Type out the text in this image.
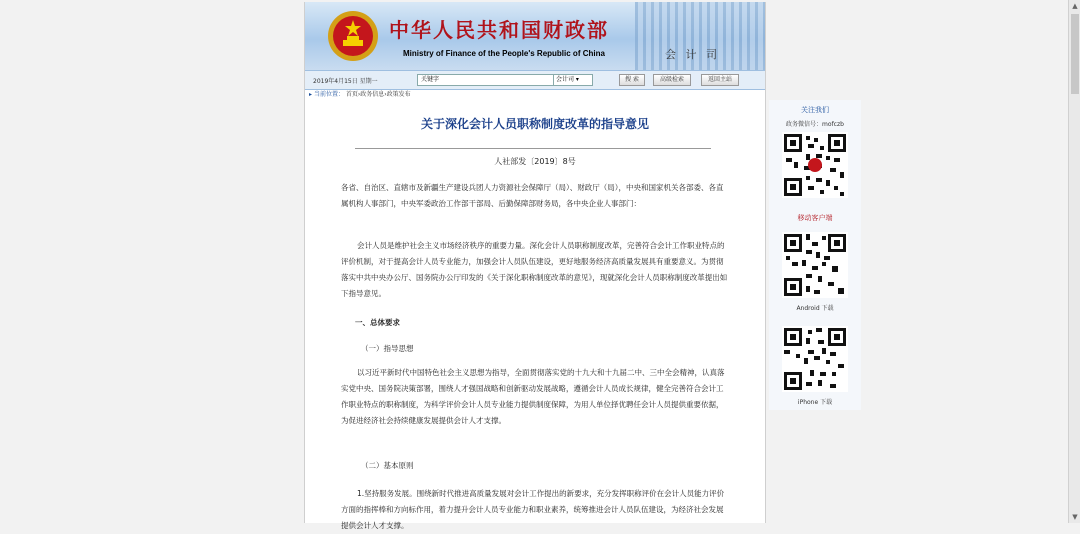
中华人民共和国财政部
Ministry of Finance of the People's Republic of China	会 计 司
2019年4月15日 星期一	关键字	会计司 ▾	搜 索	高级检索	返回主站
▸ 当前位置： 首页›政务信息›政策发布
关于深化会计人员职称制度改革的指导意见
人社部发〔2019〕8号

各省、自治区、直辖市及新疆生产建设兵团人力资源社会保障厅（局）、财政厅（局），中央和国家机关各部委、各直属机构人事部门，中央军委政治工作部干部局、后勤保障部财务局，各中央企业人事部门：

会计人员是维护社会主义市场经济秩序的重要力量。深化会计人员职称制度改革，完善符合会计工作职业特点的评价机制，对于提高会计人员专业能力，加强会计人员队伍建设，更好地服务经济高质量发展具有重要意义。为贯彻落实中共中央办公厅、国务院办公厅印发的《关于深化职称制度改革的意见》，现就深化会计人员职称制度改革提出如下指导意见。

一、总体要求
（一）指导思想

以习近平新时代中国特色社会主义思想为指导，全面贯彻落实党的十九大和十九届二中、三中全会精神，认真落实党中央、国务院决策部署，围绕人才强国战略和创新驱动发展战略，遵循会计人员成长规律，健全完善符合会计工作职业特点的职称制度，为科学评价会计人员专业能力提供制度保障，为用人单位择优聘任会计人员提供重要依据，为促进经济社会持续健康发展提供会计人才支撑。

（二）基本原则

1.坚持服务发展。围绕新时代推进高质量发展对会计工作提出的新要求，充分发挥职称评价在会计人员能力评价方面的指挥棒和方向标作用，着力提升会计人员专业能力和职业素养，统筹推进会计人员队伍建设，为经济社会发展提供会计人才支撑。

关注我们
政务微信号：mofczb
移动客户端
Android 下载
iPhone 下载
▲
▼
